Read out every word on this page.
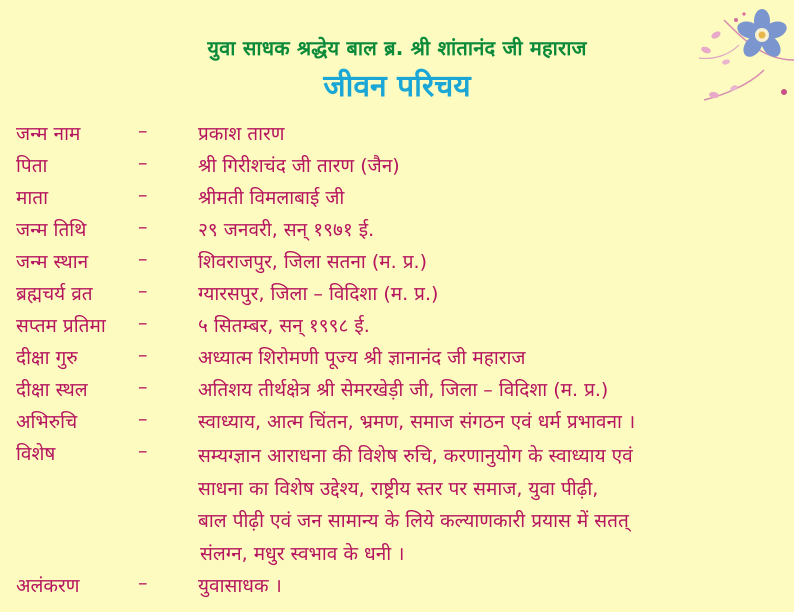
युवा साधक श्रद्धेय बाल ब्र. श्री शांतानंद जी महाराज
जीवन परिचय
जन्म नाम	–	प्रकाश तारण
पिता	–	श्री गिरीशचंद जी तारण (जैन)
माता	–	श्रीमती विमलाबाई जी
जन्म तिथि	–	२९ जनवरी, सन् १९७१ ई.
जन्म स्थान	–	शिवराजपुर, जिला सतना (म. प्र.)
ब्रह्मचर्य व्रत –	ग्यारसपुर, जिला – विदिशा (म. प्र.)
सप्तम प्रतिमा –	५ सितम्बर, सन् १९९८ ई.
दीक्षा गुरु	–	अध्यात्म शिरोमणी पूज्य श्री ज्ञानानंद जी महाराज
दीक्षा स्थल	–	अतिशय तीर्थक्षेत्र श्री सेमरखेड़ी जी, जिला – विदिशा (म. प्र.)
अभिरुचि	–	स्वाध्याय, आत्म चिंतन, भ्रमण, समाज संगठन एवं धर्म प्रभावना ।
विशेष	–	सम्यग्ज्ञान आराधना की विशेष रुचि, करणानुयोग के स्वाध्याय एवं
साधना का विशेष उद्देश्य, राष्ट्रीय स्तर पर समाज, युवा पीढ़ी,
बाल पीढ़ी एवं जन सामान्य के लिये कल्याणकारी प्रयास में सतत्
संलग्न, मधुर स्वभाव के धनी ।
अलंकरण	–	युवासाधक ।
